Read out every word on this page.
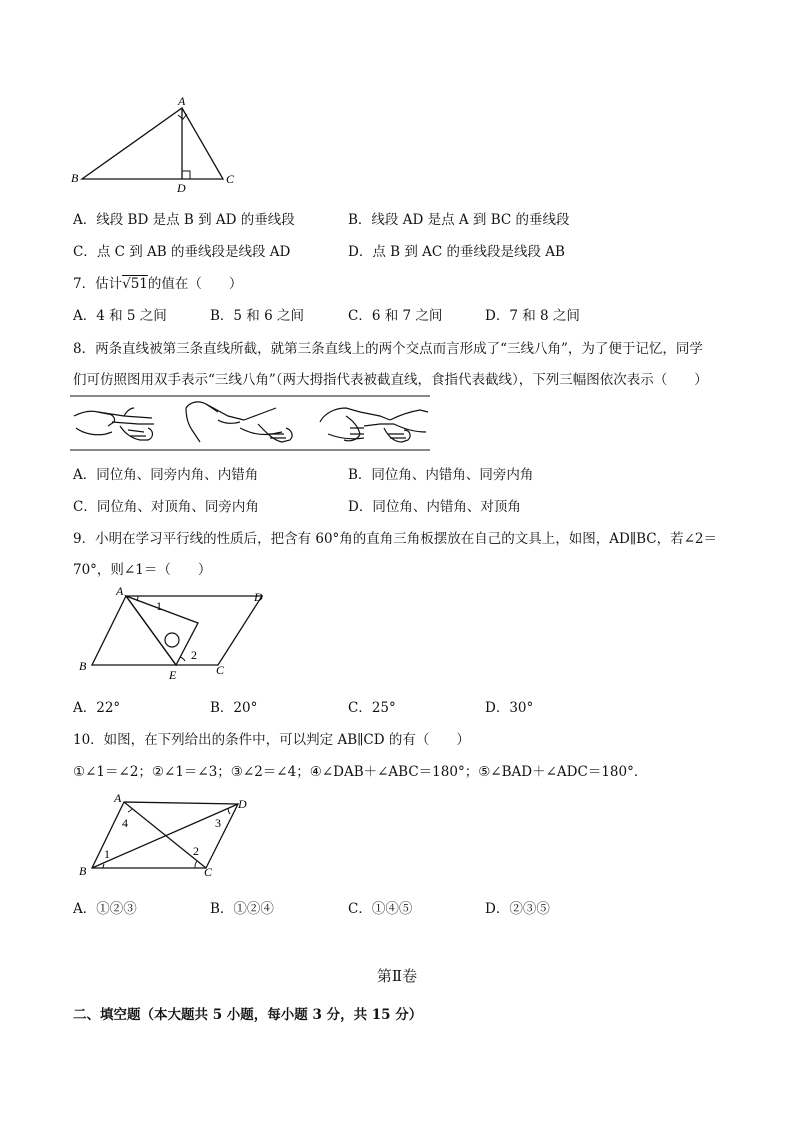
A
B	C
D
A．线段 BD 是点 B 到 AD 的垂线段	B．线段 AD 是点 A 到 BC 的垂线段
C．点 C 到 AB 的垂线段是线段 AD	D．点 B 到 AC 的垂线段是线段 AB
7．估计√51的值在（　　）
A．4 和 5 之间	B．5 和 6 之间	C．6 和 7 之间	D．7 和 8 之间
8．两条直线被第三条直线所截，就第三条直线上的两个交点而言形成了“三线八角”，为了便于记忆，同学
们可仿照图用双手表示“三线八角”（两大拇指代表被截直线，食指代表截线），下列三幅图依次表示（　　）
A．同位角、同旁内角、内错角	B．同位角、内错角、同旁内角
C．同位角、对顶角、同旁内角	D．同位角、内错角、对顶角
9．小明在学习平行线的性质后，把含有 60°角的直角三角板摆放在自己的文具上，如图，AD∥BC，若∠2＝
70°，则∠1＝（　　）
A	D
B	C
E
1
2
A．22°	B．20°	C．25°	D．30°
10．如图，在下列给出的条件中，可以判定 AB∥CD 的有（　　）
①∠1＝∠2；②∠1＝∠3；③∠2＝∠4；④∠DAB＋∠ABC＝180°；⑤∠BAD＋∠ADC＝180°．
A	D
B	C
4	3
1	2
A．①②③	B．①②④	C．①④⑤	D．②③⑤
第Ⅱ卷
二、填空题（本大题共 5 小题，每小题 3 分，共 15 分）
